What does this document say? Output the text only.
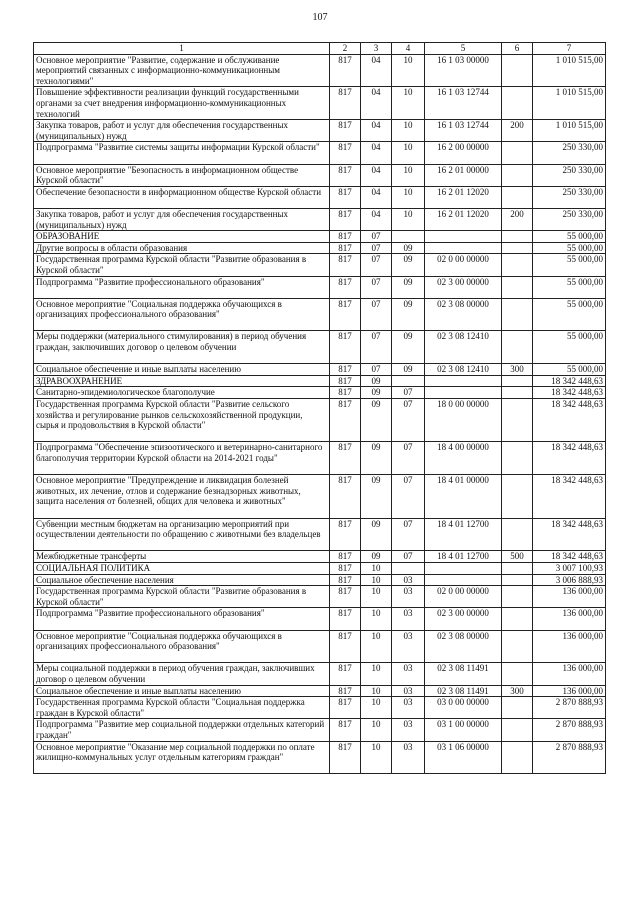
107
1	2	3	4	5	6	7
Основное мероприятие "Развитие, содержание и обслуживание мероприятий связанных с информационно-коммуникационным технологиями"	817	04	10	16 1 03 00000		1 010 515,00
Повышение эффективности реализации функций государственными органами за счет внедрения информационно-коммуникационных технологий	817	04	10	16 1 03 12744		1 010 515,00
Закупка товаров, работ и услуг для обеспечения государственных (муниципальных) нужд	817	04	10	16 1 03 12744	200	1 010 515,00
Подпрограмма "Развитие системы защиты информации Курской области"	817	04	10	16 2 00 00000		250 330,00
Основное мероприятие "Безопасность в информационном обществе Курской области"	817	04	10	16 2 01 00000		250 330,00
Обеспечение безопасности в информационном обществе Курской области	817	04	10	16 2 01 12020		250 330,00
Закупка товаров, работ и услуг для обеспечения государственных (муниципальных) нужд	817	04	10	16 2 01 12020	200	250 330,00
ОБРАЗОВАНИЕ	817	07				55 000,00
Другие вопросы в области образования	817	07	09			55 000,00
Государственная программа Курской области "Развитие образования в Курской области"	817	07	09	02 0 00 00000		55 000,00
Подпрограмма "Развитие профессионального образования"	817	07	09	02 3 00 00000		55 000,00
Основное мероприятие "Социальная поддержка обучающихся в организациях профессионального образования"	817	07	09	02 3 08 00000		55 000,00
Меры поддержки (материального стимулирования) в период обучения граждан, заключивших договор о целевом обучении	817	07	09	02 3 08 12410		55 000,00
Социальное обеспечение и иные выплаты населению	817	07	09	02 3 08 12410	300	55 000,00
ЗДРАВООХРАНЕНИЕ	817	09				18 342 448,63
Санитарно-эпидемиологическое благополучие	817	09	07			18 342 448,63
Государственная программа Курской области "Развитие сельского хозяйства и регулирование рынков сельскохозяйственной продукции, сырья и продовольствия в Курской области"	817	09	07	18 0 00 00000		18 342 448,63
Подпрограмма "Обеспечение эпизоотического и ветеринарно-санитарного благополучия территории Курской области на 2014-2021 годы"	817	09	07	18 4 00 00000		18 342 448,63
Основное мероприятие "Предупреждение и ликвидация болезней животных, их лечение, отлов и содержание безнадзорных животных, защита населения от болезней, общих для человека и животных"	817	09	07	18 4 01 00000		18 342 448,63
Субвенции местным бюджетам на организацию мероприятий при осуществлении деятельности по обращению с животными без владельцев	817	09	07	18 4 01 12700		18 342 448,63
Межбюджетные трансферты	817	09	07	18 4 01 12700	500	18 342 448,63
СОЦИАЛЬНАЯ ПОЛИТИКА	817	10				3 007 100,93
Социальное обеспечение населения	817	10	03			3 006 888,93
Государственная программа Курской области "Развитие образования в Курской области"	817	10	03	02 0 00 00000		136 000,00
Подпрограмма "Развитие профессионального образования"	817	10	03	02 3 00 00000		136 000,00
Основное мероприятие "Социальная поддержка обучающихся в организациях профессионального образования"	817	10	03	02 3 08 00000		136 000,00
Меры социальной поддержки в период обучения граждан, заключивших договор о целевом обучении	817	10	03	02 3 08 11491		136 000,00
Социальное обеспечение и иные выплаты населению	817	10	03	02 3 08 11491	300	136 000,00
Государственная программа Курской области "Социальная поддержка граждан в Курской области"	817	10	03	03 0 00 00000		2 870 888,93
Подпрограмма "Развитие мер социальной поддержки отдельных категорий граждан"	817	10	03	03 1 00 00000		2 870 888,93
Основное мероприятие "Оказание мер социальной поддержки по оплате жилищно-коммунальных услуг отдельным категориям граждан"	817	10	03	03 1 06 00000		2 870 888,93
